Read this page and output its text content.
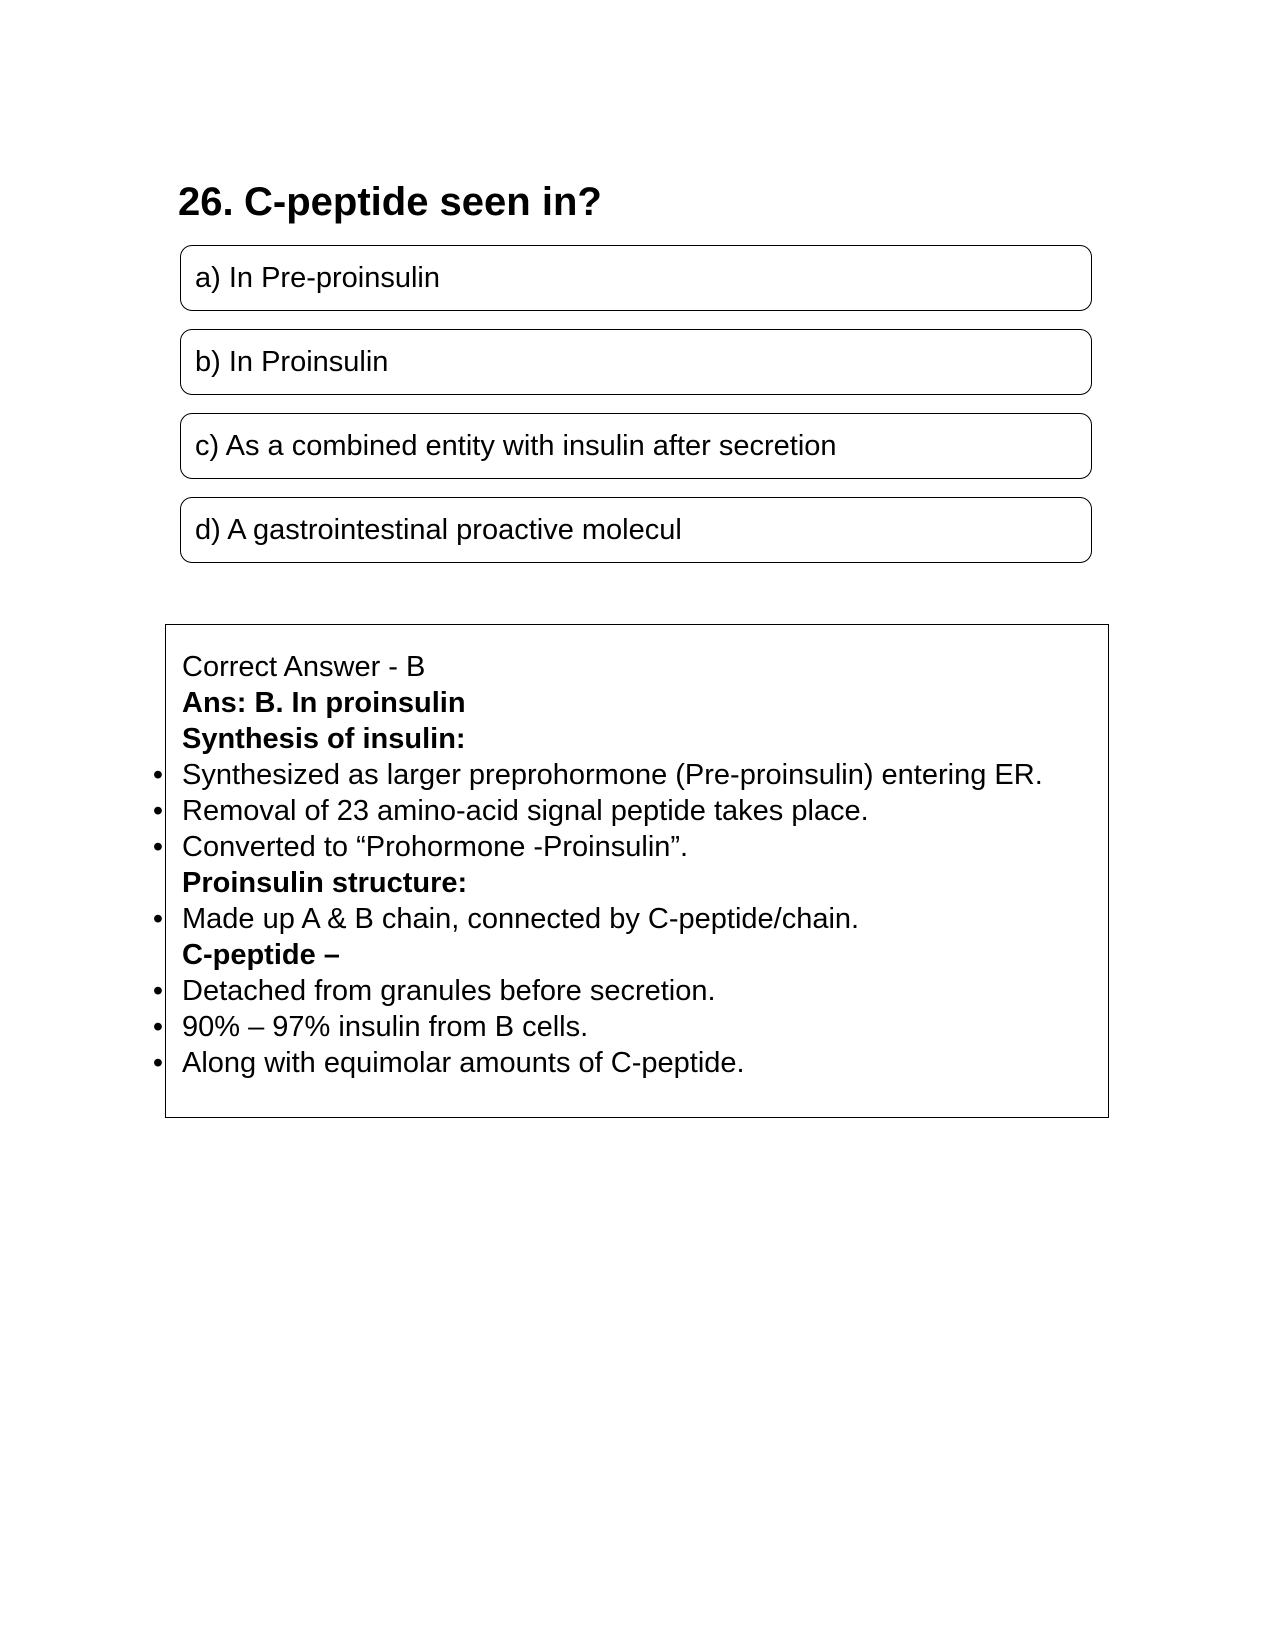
26. C-peptide seen in?
a) In Pre-proinsulin
b) In Proinsulin
c) As a combined entity with insulin after secretion
d) A gastrointestinal proactive molecul
Correct Answer - B
Ans: B. In proinsulin
Synthesis of insulin:
• Synthesized as larger preprohormone (Pre-proinsulin) entering ER.
• Removal of 23 amino-acid signal peptide takes place.
• Converted to “Prohormone -Proinsulin”.
Proinsulin structure:
• Made up A & B chain, connected by C-peptide/chain.
C-peptide –
• Detached from granules before secretion.
• 90% – 97% insulin from B cells.
• Along with equimolar amounts of C-peptide.
